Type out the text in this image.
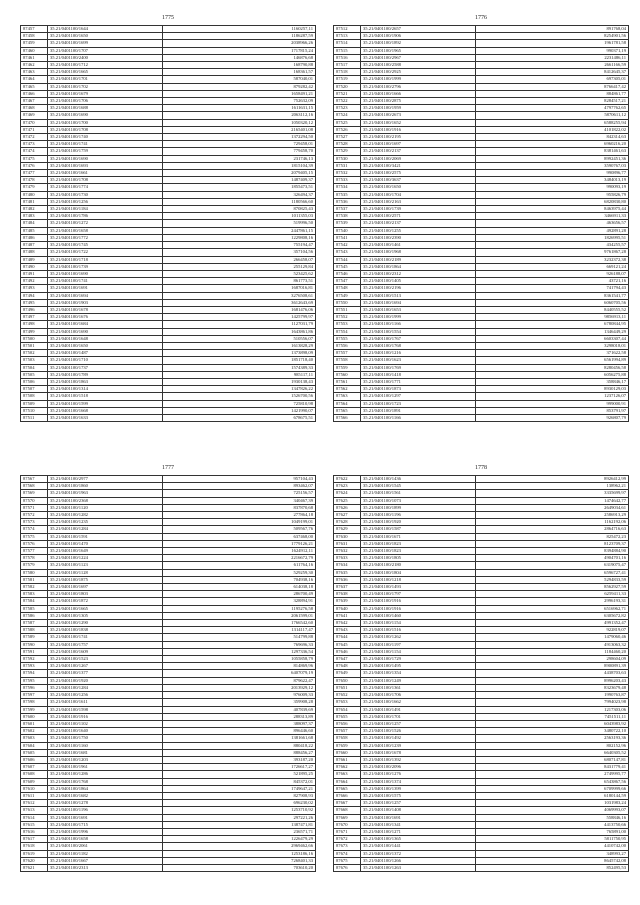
1775
87457	35.21/0401100/1644	1160257,11
87458	35.21/0401100/1650	1186287,59
87459	35.21/0401100/1699	2038966,26
87460	35.21/0401100/1707	1717815,24
87461	35.21/0401100/2400	146876,68
87462	35.21/0401100/1712	168790,88
87463	35.21/0401100/1665	168361,57
87464	35.21/0401100/1701	587040,01
87465	35.21/0401100/1702	879282,42
87466	35.21/0401100/1679	1658491,21
87467	35.21/0401100/1706	752632,09
87468	35.21/0401100/1688	1611631,15
87469	35.21/0401100/1690	2063112,16
87470	35.21/0401100/1700	1050320,12
87471	35.21/0401100/1708	2165401,08
87472	35.21/0401100/1740	1372294,50
87473	35.21/0401100/1741	729458,01
87474	35.21/0401100/1759	779458,70
87475	35.21/0401100/1690	231746,13
87476	35.21/0401100/1693	1815104,39
87477	35.21/0401100/1661	2079405,15
87478	35.21/0401100/1708	1487409,37
87479	35.21/0401100/1774	1855473,51
87480	35.21/0401100/1730	326494,37
87481	35.21/0401100/1256	1180566,60
87482	35.21/0401100/1184	870825,43
87483	35.21/0401100/1786	1011355,03
87484	35.21/0401100/1272	519996,50
87485	35.21/0401100/1658	2447861,15
87486	35.21/0401100/1772	1229808,16
87487	35.21/0401100/1745	755194,47
87488	35.21/0401100/1722	357104,56
87489	35.21/0401100/1718	266458,07
87490	35.21/0401100/1739	255129,84
87491	35.21/0401100/1690	523425,62
87492	35.21/0401100/1741	861773,51
87493	35.21/0401100/1691	1687016,81
87494	35.21/0401100/1694	3276508,61
87495	35.21/0401100/1903	3612643,69
87496	35.21/0401100/1678	1681476,06
87497	35.21/0401100/1676	1425799,97
87498	35.21/0401100/1684	1127031,79
87499	35.21/0401100/1690	1643861,86
87500	35.21/0401100/1648	510556,07
87501	35.21/0401100/1650	1613828,29
87502	35.21/0401100/1487	1373898,09
87503	35.21/0401100/1710	1851718,40
87504	35.21/0401100/1737	1574389,33
87505	35.21/0401100/1789	985117,11
87506	35.21/0401100/1863	1930138,43
87507	35.21/0401100/1314	1347826,22
87508	35.21/0401100/1518	1526700,56
87509	35.21/0401100/1599	725810,98
87510	35.21/0401100/1668	1421990,07
87511	35.21/0401100/1633	678675,51
1776
87512	35.21/0401100/2657	891768,04
87513	35.21/0401100/1906	8254901,56
87514	35.21/0401100/1892	1961781,58
87515	35.21/0401100/1965	990371,19
87516	35.21/0401100/2967	2231486,11
87517	35.21/0401100/2588	2661166,59
87518	35.21/0401100/2925	8412645,37
87519	35.21/0401100/1999	697305,01
87520	35.21/0401100/2796	8766417,42
87521	35.21/0401100/1666	884861,77
87522	35.21/0401100/2875	8284517,21
87523	35.21/0401100/1959	4797762,65
87524	35.21/0401100/2673	5870611,12
87525	35.21/0401100/1652	6588255,94
87526	35.21/0401100/1916	4101822,02
87527	35.21/0401100/2195	842314,63
87528	35.21/0401100/1697	6960216,20
87529	35.21/0401100/2137	8381461,63
87530	35.21/0401100/2069	8992451,36
87531	35.21/0401100/3421	3590767,03
87532	35.21/0401100/2575	990896,77
87533	35.21/0401100/3637	3484013,19
87534	35.21/0401100/1650	990093,19
87535	35.21/0401100/1704	955826,79
87536	35.21/0401100/2163	6820830,80
87537	35.21/0401100/1739	8463975,44
87538	35.21/0401100/2571	3466911,33
87539	35.21/0401100/2137	463656,57
87540	35.21/0401100/1255	492891,28
87541	35.21/0401100/2390	1826995,51
87542	35.21/0401100/1461	434255,57
87543	35.21/0401100/1968	9761867,28
87544	35.21/0401100/2189	3232372,38
87545	35.21/0401100/1864	669121,24
87546	35.21/0401100/2312	926188,07
87547	35.21/0401100/1405	43721,16
87548	35.21/0401100/2196	741794,43
87549	35.21/0401100/1513	8361541,77
87550	35.21/0401100/1694	6060705,56
87551	35.21/0401100/1653	8440555,52
87552	35.21/0401100/1999	9856913,11
87553	35.21/0401100/1166	6780844,95
87554	35.21/0401100/1554	1346449,29
87555	35.21/0401100/1767	6603307,44
87556	35.21/0401100/1768	3298018,01
87557	35.21/0401100/1216	371622,58
87558	35.21/0401100/1623	6561994,89
87559	35.21/0401100/1769	8280456,58
87560	35.21/0401100/1418	6056275,88
87561	35.21/0401100/1771	358846,17
87562	35.21/0401100/1873	8930129,03
87563	35.21/0401100/1297	1237126,07
87564	35.21/0401100/1723	999000,91
87565	35.21/0401100/1891	853791,97
87566	35.21/0401100/1166	926807,79
1777
87567	35.21/0401100/2977	957104,43
87568	35.21/0401100/1860	893462,07
87569	35.21/0401100/1963	725156,57
87570	35.21/0401100/2368	340467,39
87571	35.21/0401100/1120	837870,68
87572	35.21/0401100/1282	277864,18
87573	35.21/0401100/1235	1049199,01
87574	35.21/0401100/1284	509567,76
87575	35.21/0401100/1591	637468,00
87576	35.21/0401100/1470	1779126,21
87577	35.21/0401100/1649	1624912,11
87578	35.21/0401100/1224	2216672,79
87579	35.21/0401100/1123	611764,16
87580	35.21/0401100/1128	529259,30
87581	35.21/0401100/1875	704938,16
87582	35.21/0401100/1697	614038,18
87583	35.21/0401100/1803	286700,49
87584	35.21/0401100/1872	328894,91
87585	35.21/0401100/1665	1195276,58
87586	35.21/0401100/1305	2061599,01
87587	35.21/0401100/1290	1766542,60
87588	35.21/0401100/1838	1314117,47
87589	35.21/0401100/1741	514799,88
87590	35.21/0401100/1757	769696,33
87591	35.21/0401100/1609	1297336,54
87592	35.21/0401100/1523	1055858,79
87593	35.21/0401100/1267	814869,96
87594	35.21/0401100/1377	6407079,19
87595	35.21/0401100/1920	879622,47
87596	35.21/0401100/1284	2013929,12
87597	35.21/0401100/1256	976009,33
87598	35.21/0401100/1611	359908,28
87599	35.21/0401100/1598	407839,69
87600	35.21/0401100/1916	288313,89
87601	35.21/0401100/1102	388097,37
87602	35.21/0401100/1640	896446,60
87603	35.21/0401100/1750	1381661,68
87604	35.21/0401100/1160	880418,22
87605	35.21/0401100/1681	888456,27
87606	35.21/0401100/1203	393187,20
87607	35.21/0401100/1961	1726617,27
87608	35.21/0401100/1286	521895,25
87609	35.21/0401100/1768	845372,01
87610	35.21/0401100/1864	1749647,21
87611	35.21/0401100/1682	827908,93
87612	35.21/0401100/1278	696230,02
87613	35.21/0401100/1196	1253710,92
87614	35.21/0401100/1691	297221,26
87615	35.21/0401100/1715	1387471,81
87616	35.21/0401100/1996	236571,71
87617	35.21/0401100/1658	1226479,29
87618	35.21/0401100/2061	2969462,66
87619	35.21/0401100/1182	1253186,16
87620	35.21/0401100/1667	7268401,33
87621	35.21/0401100/2313	703610,20
1778
87622	35.21/0401100/1436	8926412,99
87623	35.21/0401100/1545	138962,21
87624	35.21/0401100/1561	3335699,97
87625	35.21/0401100/1073	1474642,77
87626	35.21/0401100/1899	2649034,61
87627	35.21/0401100/1196	2586913,29
87628	35.21/0401100/1920	1162192,06
87629	35.21/0401100/1587	2864716,63
87630	35.21/0401100/1671	825472,23
87631	35.21/0401100/1823	8123709,37
87632	35.21/0401100/1823	8394884,90
87633	35.21/0401100/1805	4904701,16
87634	35.21/0401100/2180	6319075,47
87635	35.21/0401100/1804	6596727,41
87636	35.21/0401100/1218	5294833,59
87637	35.21/0401100/1493	8562927,59
87638	35.21/0401100/1797	6259411,33
87639	35.21/0401100/1916	2996193,31
87640	35.21/0401100/1916	6516962,71
87641	35.21/0401100/1460	6305672,82
87642	35.21/0401100/1154	4991352,47
87643	35.21/0401100/1516	922819,07
87644	35.21/0401100/1262	1479060,46
87645	35.21/0401100/1197	4913063,32
87646	35.21/0401100/1154	1184460,20
87647	35.21/0401100/1729	298604,09
87648	35.21/0401100/1495	8900891,39
87649	35.21/0401100/1354	4438703,63
87650	35.21/0401100/1249	8996203,43
87651	35.21/0401100/1361	8323679,48
87652	35.21/0401100/1706	1990763,87
87653	35.21/0401100/1662	7994023,98
87654	35.21/0401100/1491	1217303,06
87655	35.21/0401100/1701	7451511,11
87656	35.21/0401100/1257	6043983,92
87657	35.21/0401100/1526	3480722,10
87658	35.21/0401100/1492	2563193,36
87659	35.21/0401100/1239	802152,96
87660	35.21/0401100/1678	6640305,52
87661	35.21/0401100/1392	6807147,81
87662	35.21/0401100/2096	8431779,41
87663	35.21/0401100/1276	2749995,77
87664	35.21/0401100/1374	6543867,56
87665	35.21/0401100/1399	6709999,66
87666	35.21/0401100/1575	6180144,59
87667	35.21/0401100/1257	1031983,24
87668	35.21/0401100/1408	4069993,07
87669	35.21/0401100/1691	558846,16
87670	35.21/0401100/1341	4413750,66
87671	35.21/0401100/1271	765891,00
87672	35.21/0401100/1365	5811750,95
87673	35.21/0401100/1441	4410742,00
87674	35.21/0401100/1372	348993,27
87675	35.21/0401100/1266	8645742,08
87676	35.21/0401100/1263	852495,53
